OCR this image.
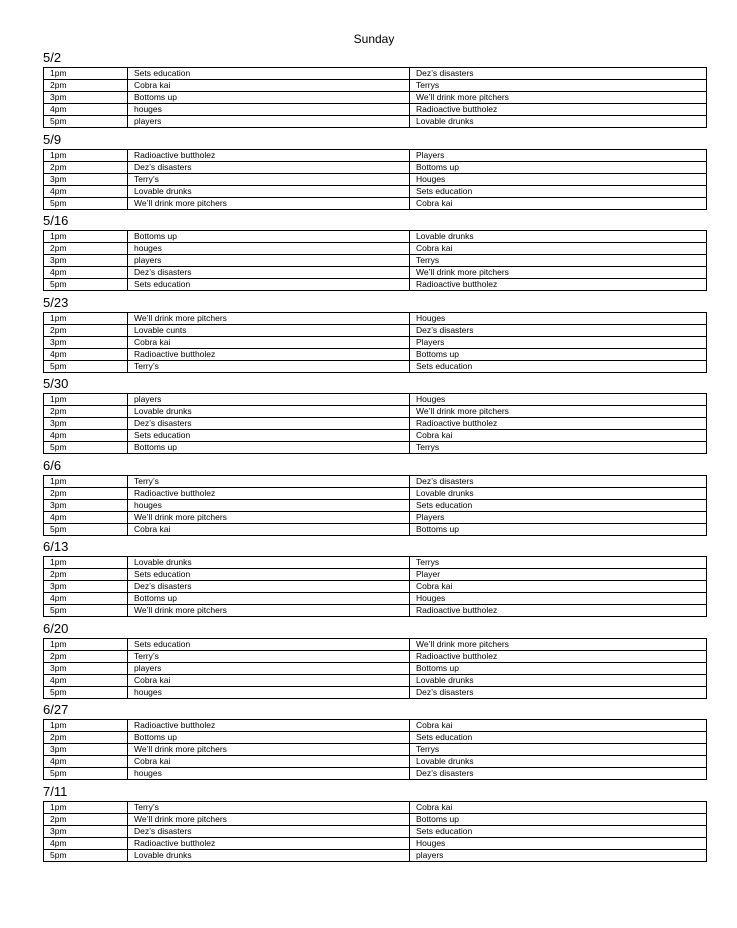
Sunday
5/2
1pm	Sets education	Dez’s disasters
2pm	Cobra kai	Terrys
3pm	Bottoms up	We’ll drink more pitchers
4pm	houges	Radioactive buttholez
5pm	players	Lovable drunks
5/9
1pm	Radioactive buttholez	Players
2pm	Dez’s disasters	Bottoms up
3pm	Terry’s	Houges
4pm	Lovable drunks	Sets education
5pm	We’ll drink more pitchers	Cobra kai
5/16
1pm	Bottoms up	Lovable drunks
2pm	houges	Cobra kai
3pm	players	Terrys
4pm	Dez’s disasters	We’ll drink more pitchers
5pm	Sets education	Radioactive buttholez
5/23
1pm	We’ll drink more pitchers	Houges
2pm	Lovable cunts	Dez’s disasters
3pm	Cobra kai	Players
4pm	Radioactive buttholez	Bottoms up
5pm	Terry’s	Sets education
5/30
1pm	players	Houges
2pm	Lovable drunks	We’ll drink more pitchers
3pm	Dez’s disasters	Radioactive buttholez
4pm	Sets education	Cobra kai
5pm	Bottoms up	Terrys
6/6
1pm	Terry’s	Dez’s disasters
2pm	Radioactive buttholez	Lovable drunks
3pm	houges	Sets education
4pm	We’ll drink more pitchers	Players
5pm	Cobra kai	Bottoms up
6/13
1pm	Lovable drunks	Terrys
2pm	Sets education	Player
3pm	Dez’s disasters	Cobra kai
4pm	Bottoms up	Houges
5pm	We’ll drink more pitchers	Radioactive buttholez
6/20
1pm	Sets education	We’ll drink more pitchers
2pm	Terry’s	Radioactive buttholez
3pm	players	Bottoms up
4pm	Cobra kai	Lovable drunks
5pm	houges	Dez’s disasters
6/27
1pm	Radioactive buttholez	Cobra kai
2pm	Bottoms up	Sets education
3pm	We’ll drink more pitchers	Terrys
4pm	Cobra kai	Lovable drunks
5pm	houges	Dez’s disasters
7/11
1pm	Terry’s	Cobra kai
2pm	We’ll drink more pitchers	Bottoms up
3pm	Dez’s disasters	Sets education
4pm	Radioactive buttholez	Houges
5pm	Lovable drunks	players
